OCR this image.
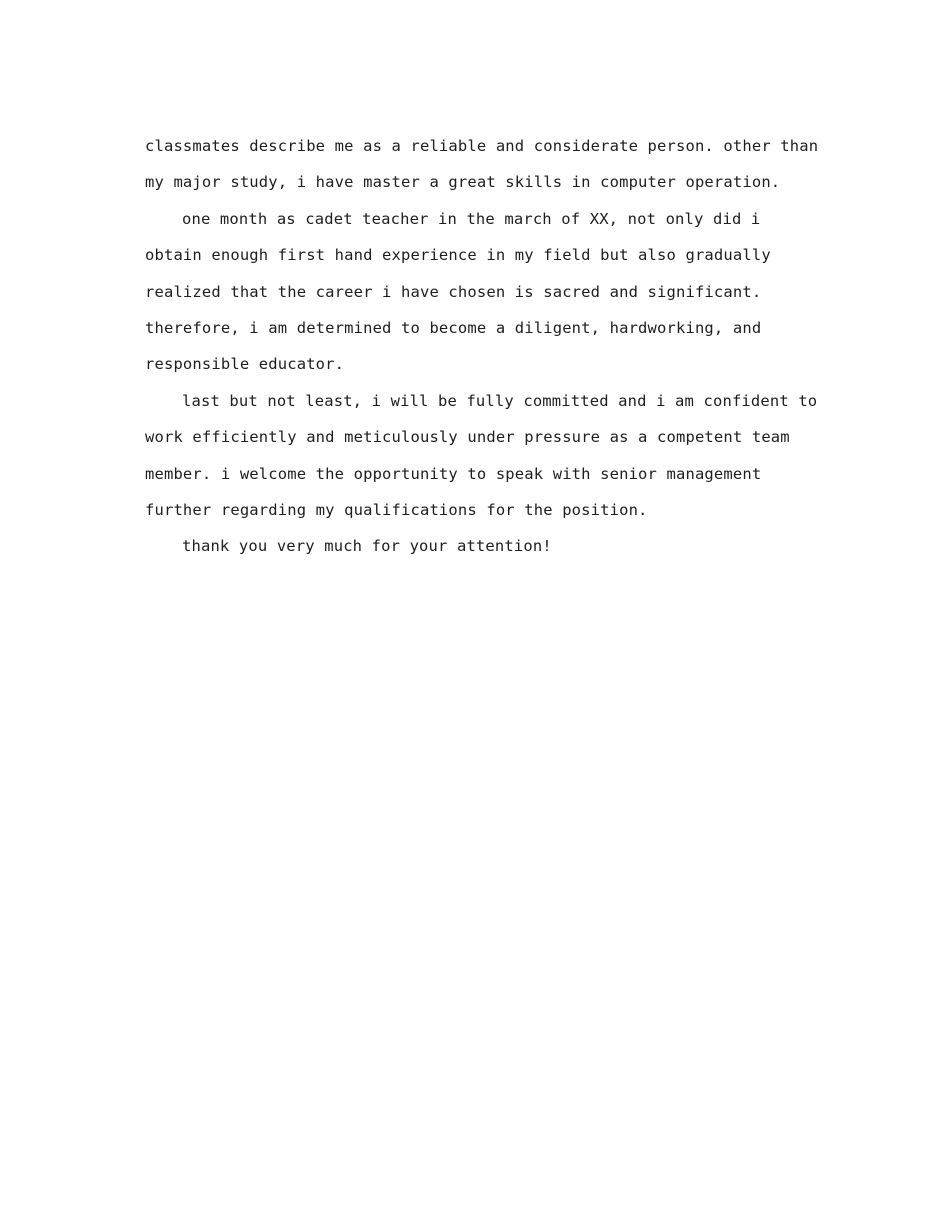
classmates describe me as a reliable and considerate person. other than
my major study, i have master a great skills in computer operation.
one month as cadet teacher in the march of XX, not only did i
obtain enough first hand experience in my field but also gradually
realized that the career i have chosen is sacred and significant.
therefore, i am determined to become a diligent, hardworking, and
responsible educator.
last but not least, i will be fully committed and i am confident to
work efficiently and meticulously under pressure as a competent team
member. i welcome the opportunity to speak with senior management
further regarding my qualifications for the position.
thank you very much for your attention!
